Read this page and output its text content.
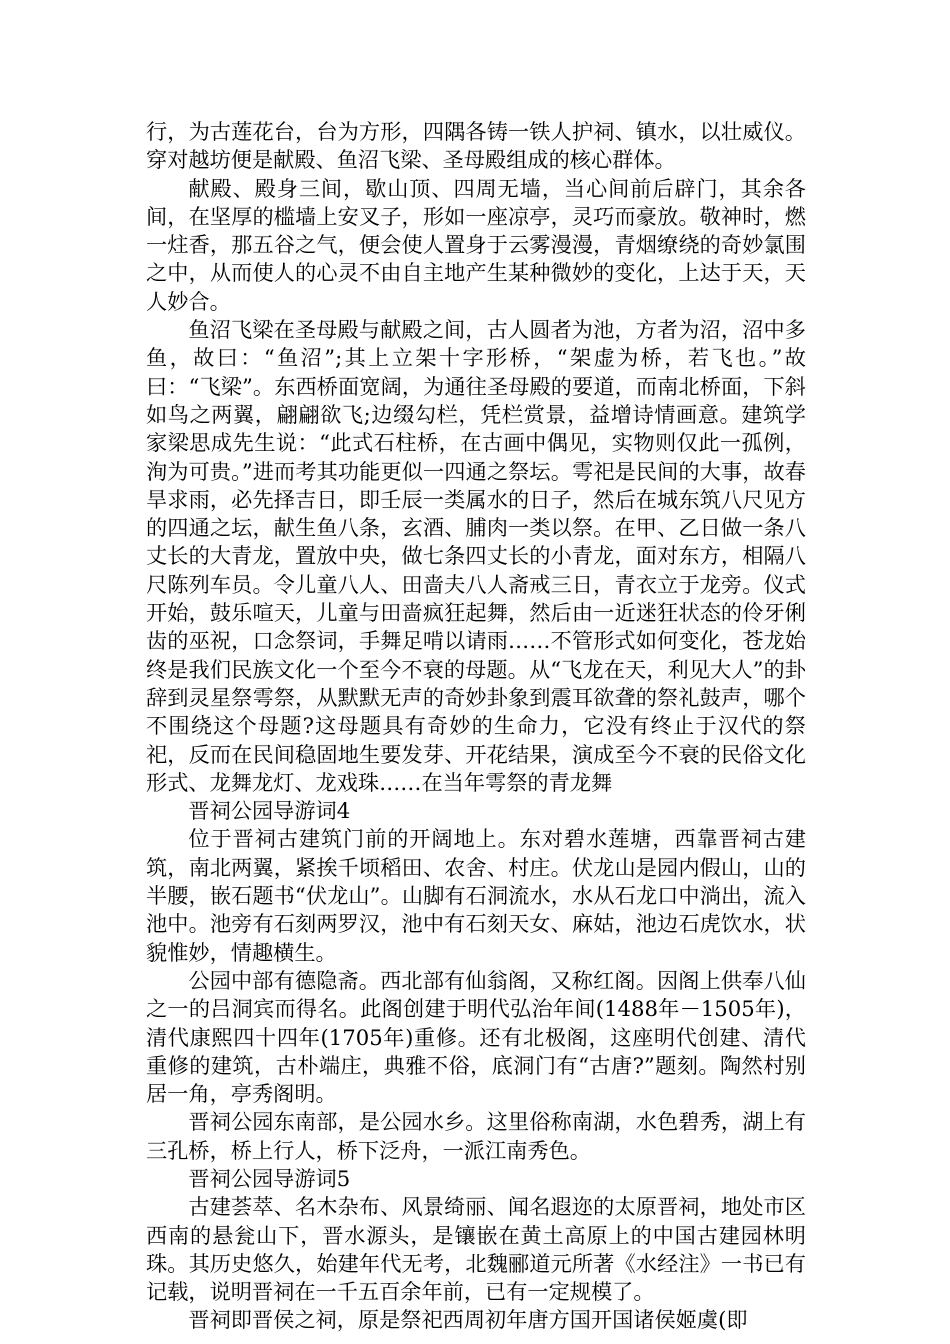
行，为古莲花台，台为方形，四隅各铸一铁人护祠、镇水，以壮威仪。穿对越坊便是献殿、鱼沼飞梁、圣母殿组成的核心群体。

献殿、殿身三间，歇山顶、四周无墙，当心间前后辟门，其余各间，在坚厚的槛墙上安叉子，形如一座凉亭，灵巧而豪放。敬神时，燃一炷香，那五谷之气，便会使人置身于云雾漫漫，青烟缭绕的奇妙氯围之中，从而使人的心灵不由自主地产生某种微妙的变化，上达于天，天人妙合。

鱼沼飞梁在圣母殿与献殿之间，古人圆者为池，方者为沼，沼中多鱼，故曰：“鱼沼”;其上立架十字形桥，“架虚为桥，若飞也。”故曰：“飞梁”。东西桥面宽阔，为通往圣母殿的要道，而南北桥面，下斜如鸟之两翼，翩翩欲飞;边缀勾栏，凭栏赏景，益增诗情画意。建筑学家梁思成先生说：“此式石柱桥，在古画中偶见，实物则仅此一孤例，洵为可贵。”进而考其功能更似一四通之祭坛。雩祀是民间的大事，故春旱求雨，必先择吉日，即壬辰一类属水的日子，然后在城东筑八尺见方的四通之坛，献生鱼八条，玄酒、脯肉一类以祭。在甲、乙日做一条八丈长的大青龙，置放中央，做七条四丈长的小青龙，面对东方，相隔八尺陈列车员。令儿童八人、田啬夫八人斋戒三日，青衣立于龙旁。仪式开始，鼓乐喧天，儿童与田啬疯狂起舞，然后由一近迷狂状态的伶牙俐齿的巫祝，口念祭词，手舞足啃以请雨……不管形式如何变化，苍龙始终是我们民族文化一个至今不衰的母题。从“飞龙在天，利见大人”的卦辞到灵星祭雩祭，从默默无声的奇妙卦象到震耳欲聋的祭礼鼓声，哪个不围绕这个母题?这母题具有奇妙的生命力，它没有终止于汉代的祭祀，反而在民间稳固地生要发芽、开花结果，演成至今不衰的民俗文化形式、龙舞龙灯、龙戏珠……在当年雩祭的青龙舞

晋祠公园导游词4

位于晋祠古建筑门前的开阔地上。东对碧水莲塘，西靠晋祠古建筑，南北两翼，紧挨千顷稻田、农舍、村庄。伏龙山是园内假山，山的半腰，嵌石题书“伏龙山”。山脚有石洞流水，水从石龙口中淌出，流入池中。池旁有石刻两罗汉，池中有石刻天女、麻姑，池边石虎饮水，状貌惟妙，情趣横生。

公园中部有德隐斋。西北部有仙翁阁，又称红阁。因阁上供奉八仙之一的吕洞宾而得名。此阁创建于明代弘治年间(1488年－1505年)，清代康熙四十四年(1705年)重修。还有北极阁，这座明代创建、清代重修的建筑，古朴端庄，典雅不俗，底洞门有“古唐?”题刻。陶然村别居一角，亭秀阁明。

晋祠公园东南部，是公园水乡。这里俗称南湖，水色碧秀，湖上有三孔桥，桥上行人，桥下泛舟，一派江南秀色。

晋祠公园导游词5

古建荟萃、名木杂布、风景绮丽、闻名遐迩的太原晋祠，地处市区西南的悬瓮山下，晋水源头，是镶嵌在黄土高原上的中国古建园林明珠。其历史悠久，始建年代无考，北魏郦道元所著《水经注》一书已有记载，说明晋祠在一千五百余年前，已有一定规模了。

晋祠即晋侯之祠，原是祭祀西周初年唐方国开国诸侯姬虞(即
